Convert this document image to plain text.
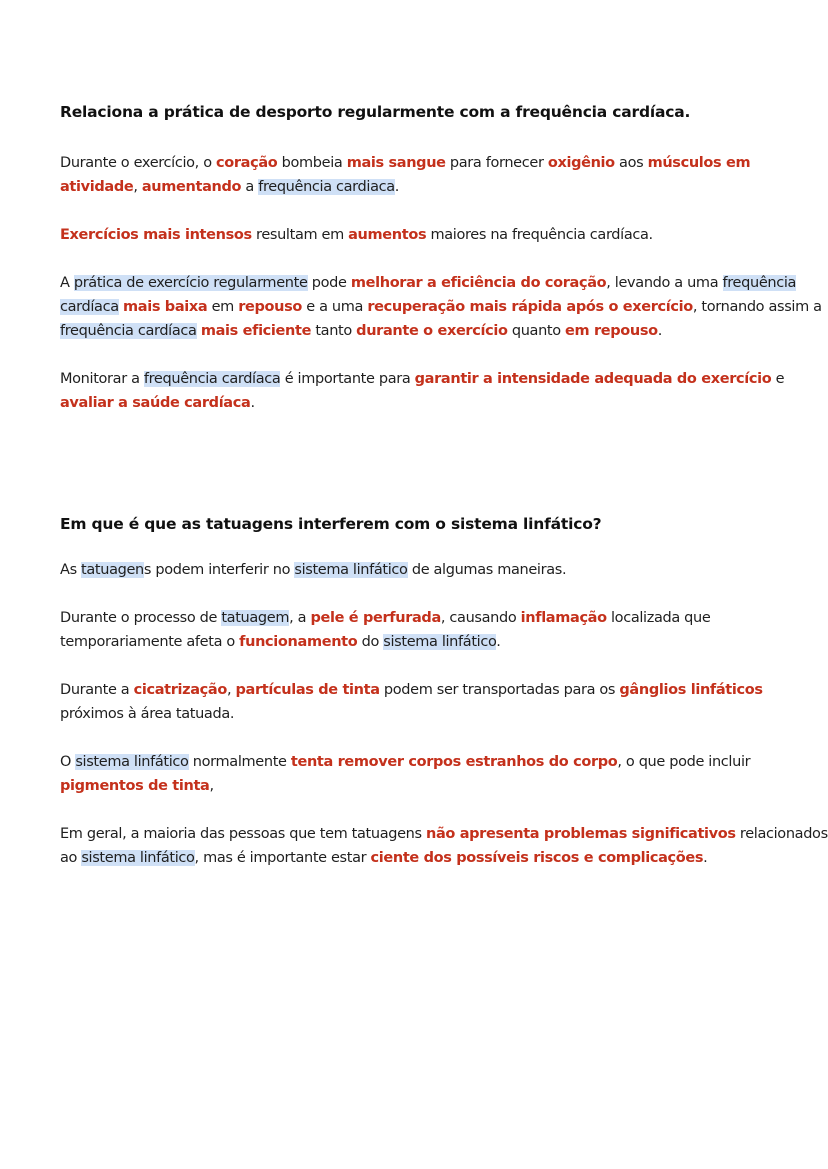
Relaciona a prática de desporto regularmente com a frequência cardíaca.

Durante o exercício, o coração bombeia mais sangue para fornecer oxigênio aos músculos em atividade, aumentando a frequência cardiaca.

Exercícios mais intensos resultam em aumentos maiores na frequência cardíaca.

A prática de exercício regularmente pode melhorar a eficiência do coração, levando a uma frequência cardíaca mais baixa em repouso e a uma recuperação mais rápida após o exercício, tornando assim a frequência cardíaca mais eficiente tanto durante o exercício quanto em repouso.

Monitorar a frequência cardíaca é importante para garantir a intensidade adequada do exercício e avaliar a saúde cardíaca.

Em que é que as tatuagens interferem com o sistema linfático?

As tatuagens podem interferir no sistema linfático de algumas maneiras.

Durante o processo de tatuagem, a pele é perfurada, causando inflamação localizada que temporariamente afeta o funcionamento do sistema linfático.

Durante a cicatrização, partículas de tinta podem ser transportadas para os gânglios linfáticos próximos à área tatuada.

O sistema linfático normalmente tenta remover corpos estranhos do corpo, o que pode incluir pigmentos de tinta,

Em geral, a maioria das pessoas que tem tatuagens não apresenta problemas significativos relacionados ao sistema linfático, mas é importante estar ciente dos possíveis riscos e complicações.
